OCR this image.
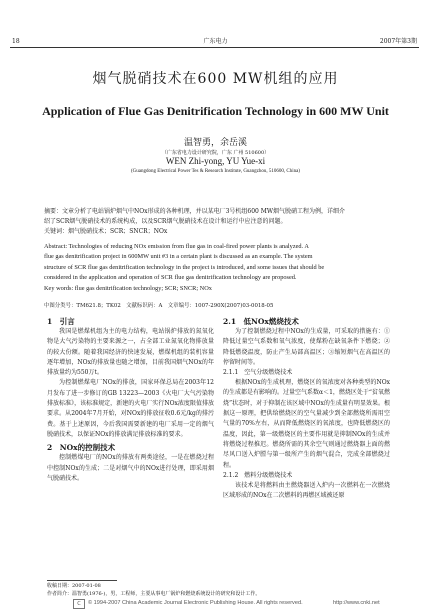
18	广东电力	2007年第3期
烟气脱硝技术在600 MW机组的应用
Application of Flue Gas Denitrification Technology in 600 MW Unit
温智勇，余岳溪
（广东省电力设计研究院，广东 广州 510600）
WEN Zhi-yong, YU Yue-xi
(Guangdong Electrical Power Tes & Research Institute, Guangzhou, 510600, China)
摘要：文章分析了电站锅炉烟气中NOx形成的各种机理，并以某电厂3号机组600 MW烟气脱硝工程为例，详细介
绍了SCR烟气脱硝技术的系统构成，以及SCR烟气脱硝技术在设计和运行中应注意的问题。
关键词：烟气脱硝技术；SCR；SNCR；NOx
Abstract: Technologies of reducing NOx emission from flue gas in coal-fired power plants is analyzed. A
flue gas denitrification project in 600MW unit #3 in a certain plant is discussed as an example. The system
structure of SCR flue gas denitrification technology in the project is introduced, and some issues that should be
considered in the application and operation of SCR flue gas denitrification technology are proposed.
Key words: flue gas denitrification technology; SCR; SNCR; NOx
中图分类号：TM621.8；TK02　文献标识码：A　文章编号：1007-290X(2007)03-0018-05
1　引言

我国是燃煤机组为主的电力结构，电站锅炉排放的氮氧化物是大气污染物的主要来源之一，占全部工业氮氧化物排放量的较大份额。随着我国经济的快速发展，燃煤机组的装机容量逐年增加，NOx的排放量也随之增加，目前我国烟气NOx的年排放量约为550万t。

为控制燃煤电厂NOx的排放，国家环保总局在2003年12月发布了进一步修订的GB 13223—2003《火电厂大气污染物排放标准》，该标准规定，新建的火电厂实行NOx浓度限值排放要求。从2004年7月开始，对NOx的排放征收0.6元/kg的排污费。基于上述原因，今后我国需要新建的电厂采用一定的烟气脱硝技术，以保证NOx的排放满足排放标准的要求。

2　NOx的控制技术

控制燃煤电厂的NOx的排放有两类途径，一是在燃烧过程中控制NOx的生成；二是对烟气中的NOx进行处理，即采用烟气脱硝技术。

2.1　低NOx燃烧技术

为了控制燃烧过程中NOx的生成量，可采取的措施有：①降低过量空气系数和氧气浓度，使煤粉在缺氧条件下燃烧；②降低燃烧温度，防止产生局部高温区；③缩短烟气在高温区的停留时间等。

2.1.1　空气分级燃烧技术

根据NOx的生成机理，燃烧区的氧浓度对各种类型的NOx的生成都是有影响的。过量空气系数α＜1，燃烧区处于“贫氧燃烧”状态时，对于抑制在该区域中NOx的生成量有明显效果。根据这一原理，把供给燃烧区的空气量减少到全部燃烧所需用空气量的70%左右，从而降低燃烧区的氧浓度，也降低燃烧区的温度，因此，第一级燃烧区的主要作用就是抑制NOx的生成并将燃烧过程推迟。燃烧所需的其余空气则通过燃烧器上面的燃尽风口送入炉膛与第一级所产生的烟气混合，完成全部燃烧过程。

2.1.2　燃料分级燃烧技术

该技术是将燃料由主燃烧器送入炉内一次燃料在一次燃烧区域形成的NOx在二次燃料的再燃区域被还原

收稿日期：2007-01-08
作者简介：温智勇(1976-)，男，工程师，主要从事电厂锅炉和燃烧系统设计的研究和设计工作。
C	© 1994-2007 China Academic Journal Electronic Publishing House. All rights reserved.	http://www.cnki.net
